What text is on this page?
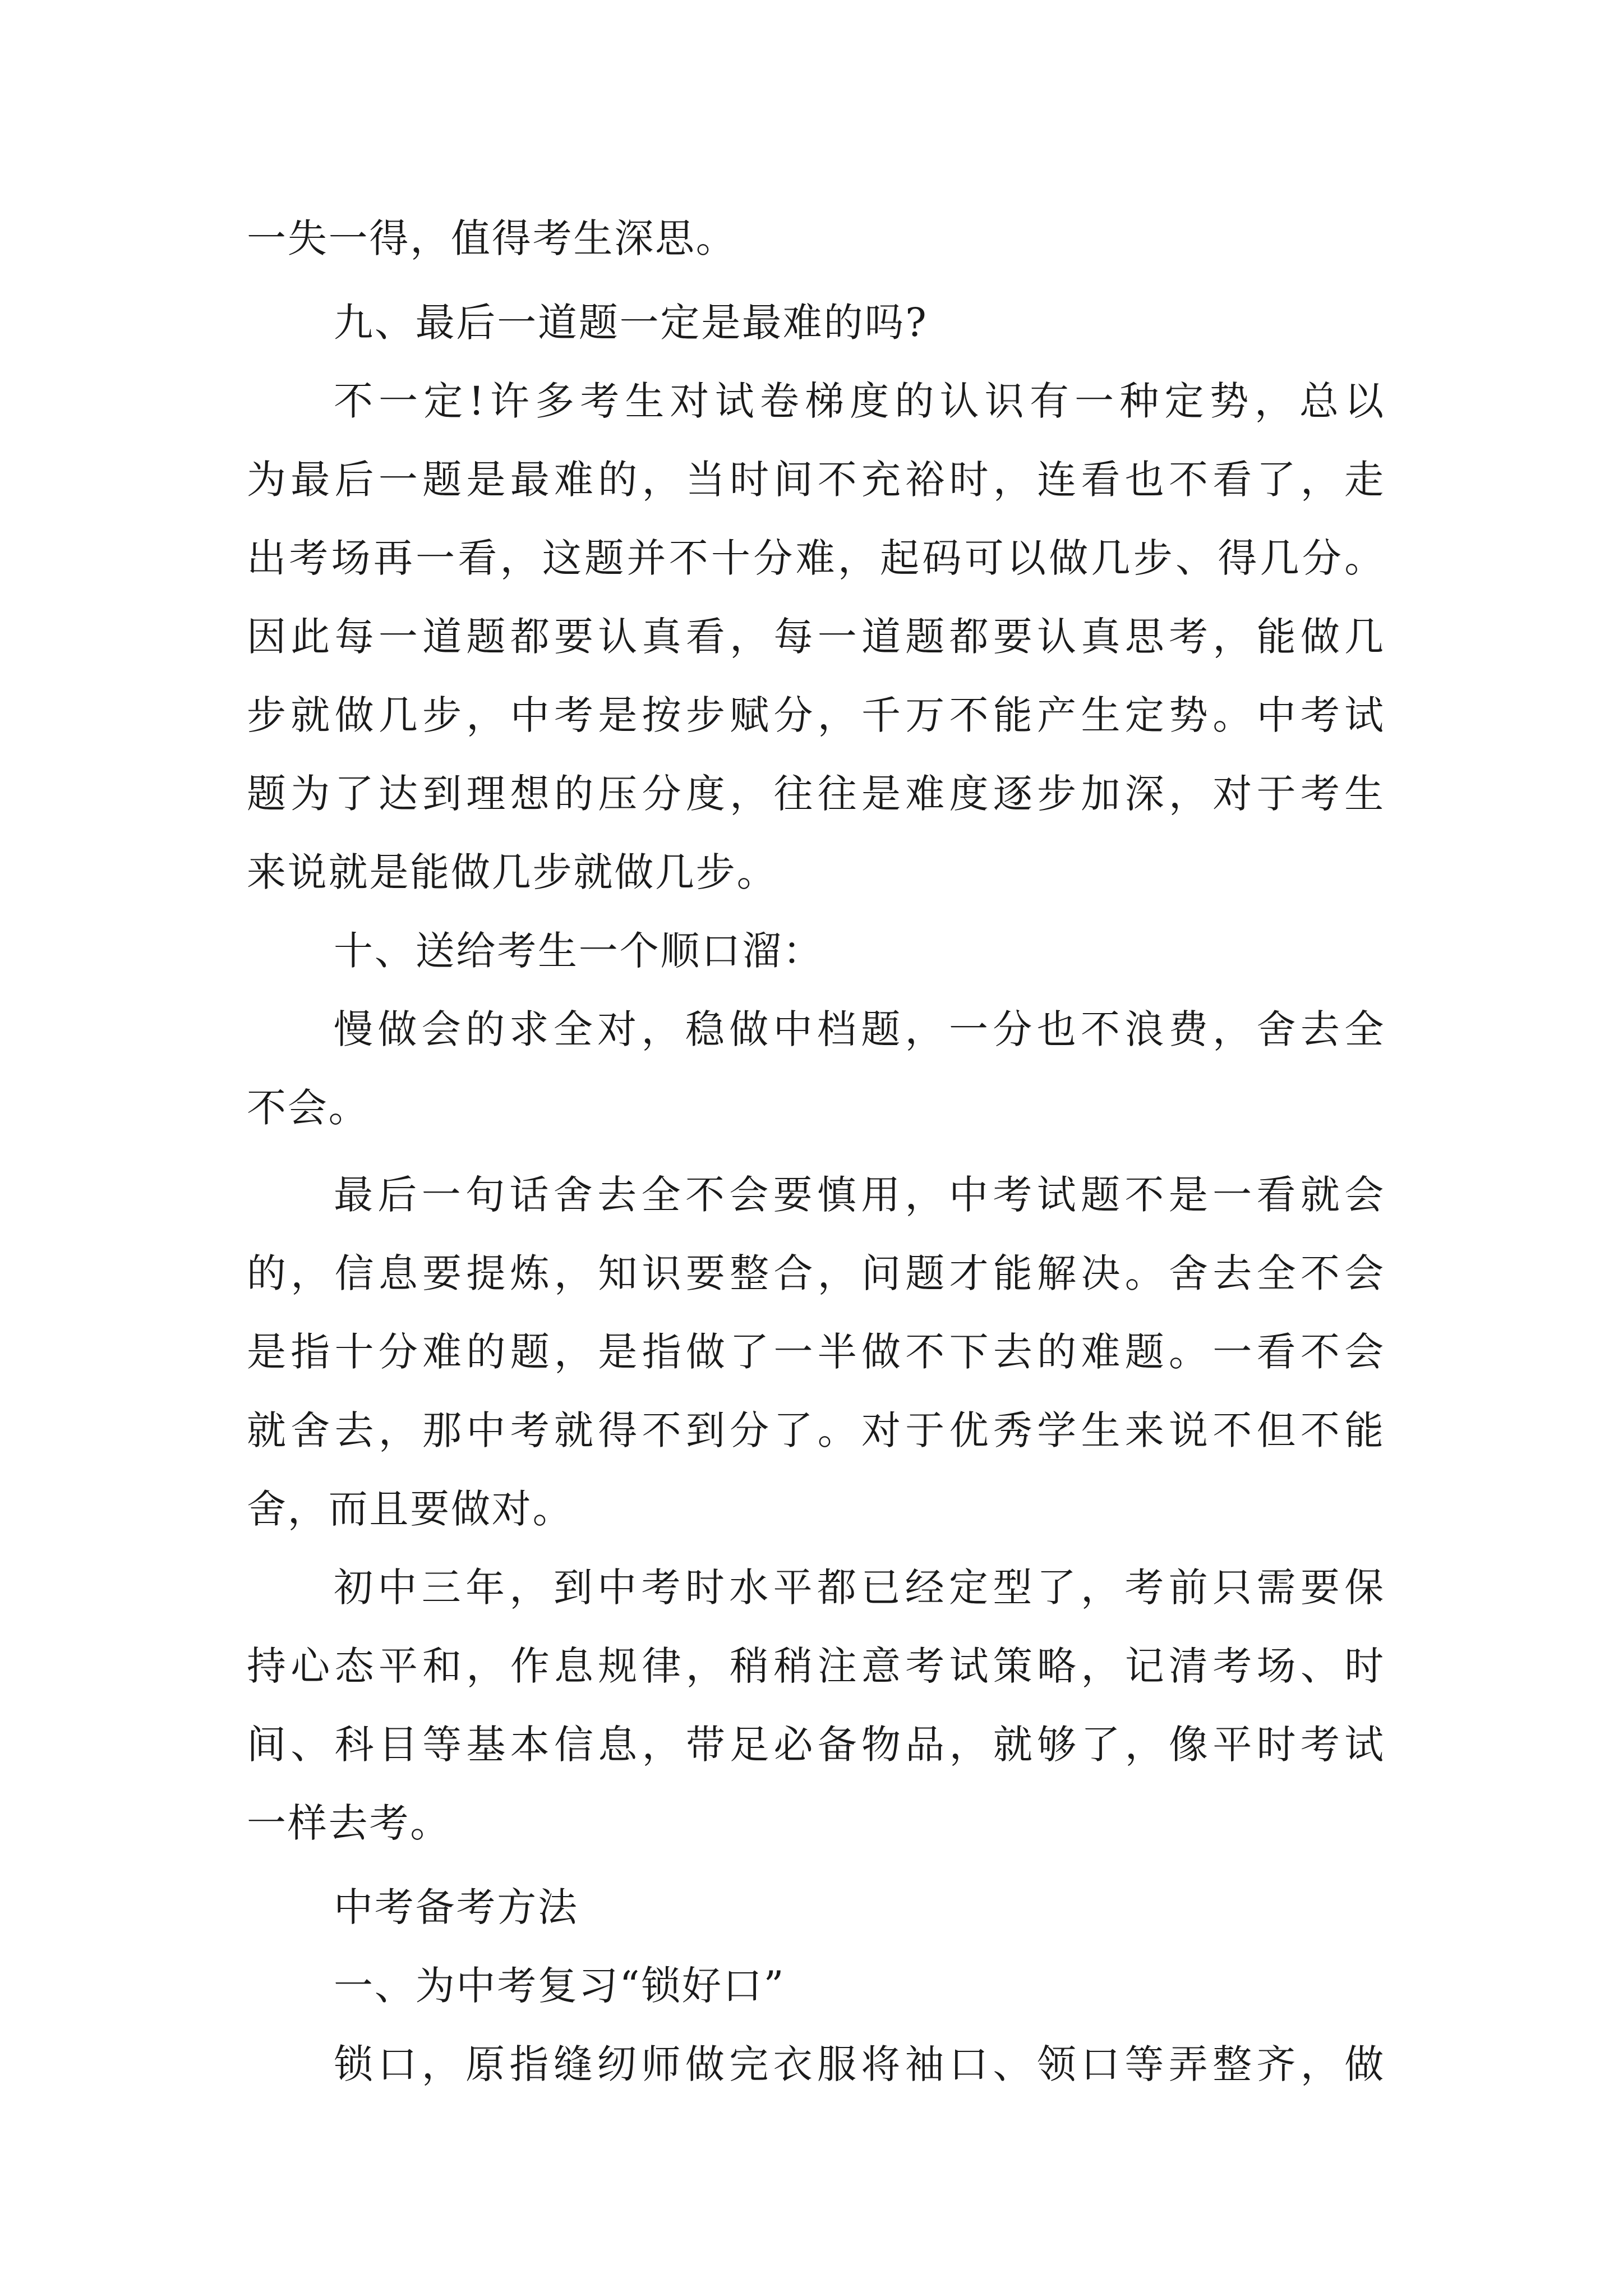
一失一得，值得考生深思。

九、最后一道题一定是最难的吗?

不一定!许多考生对试卷梯度的认识有一种定势，总以

为最后一题是最难的，当时间不充裕时，连看也不看了，走

出考场再一看，这题并不十分难，起码可以做几步、得几分。

因此每一道题都要认真看，每一道题都要认真思考，能做几

步就做几步，中考是按步赋分，千万不能产生定势。中考试

题为了达到理想的压分度，往往是难度逐步加深，对于考生

来说就是能做几步就做几步。

十、送给考生一个顺口溜：

慢做会的求全对，稳做中档题，一分也不浪费，舍去全

不会。

最后一句话舍去全不会要慎用，中考试题不是一看就会

的，信息要提炼，知识要整合，问题才能解决。舍去全不会

是指十分难的题，是指做了一半做不下去的难题。一看不会

就舍去，那中考就得不到分了。对于优秀学生来说不但不能

舍，而且要做对。

初中三年，到中考时水平都已经定型了，考前只需要保

持心态平和，作息规律，稍稍注意考试策略，记清考场、时

间、科目等基本信息，带足必备物品，就够了，像平时考试

一样去考。

中考备考方法

一、为中考复习“锁好口”

锁口，原指缝纫师做完衣服将袖口、领口等弄整齐，做
